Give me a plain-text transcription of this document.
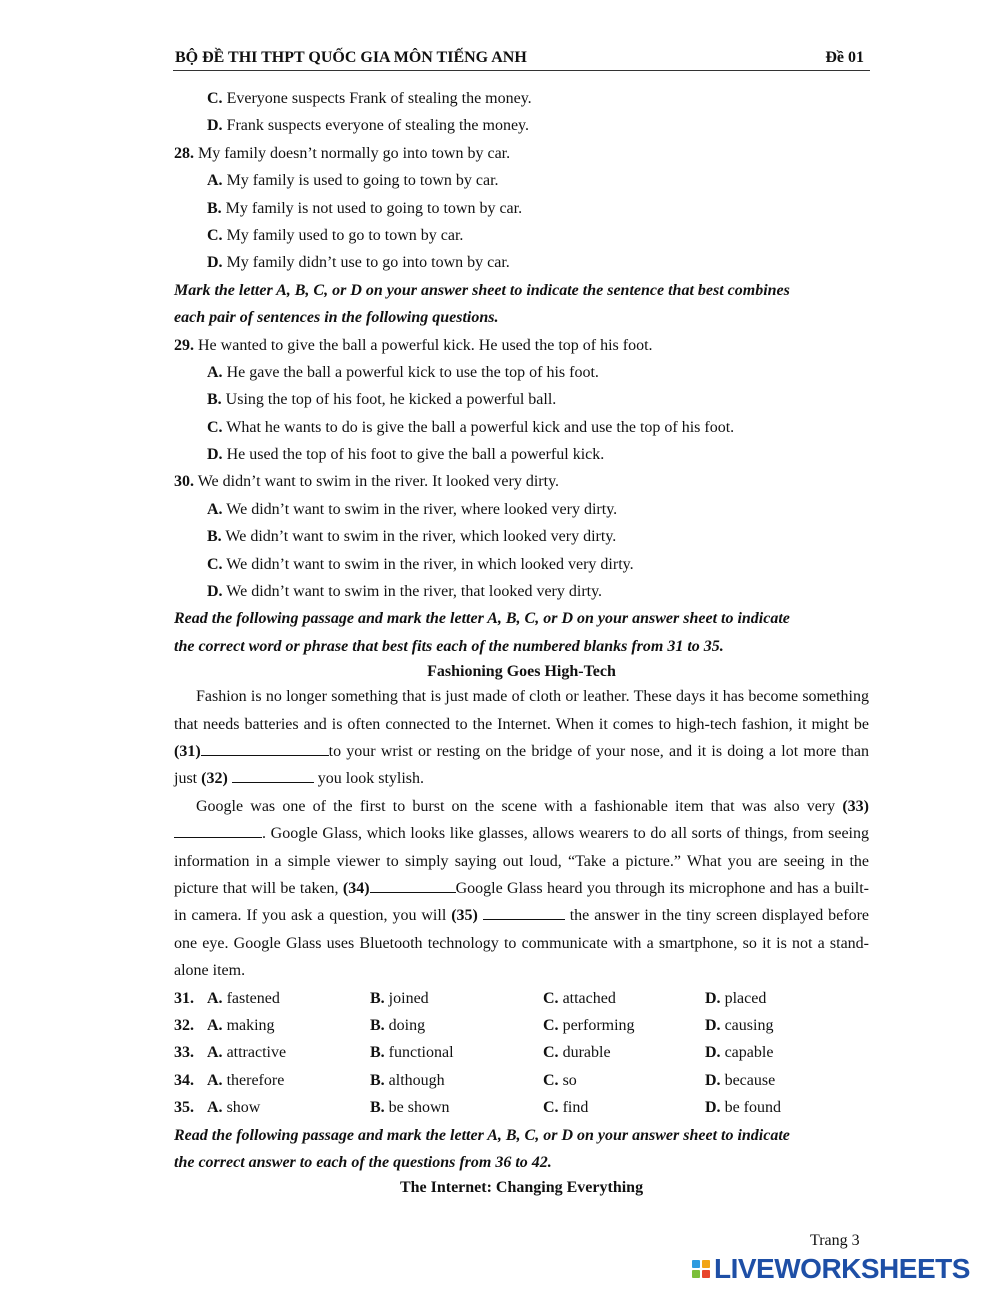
BỘ ĐỀ THI THPT QUỐC GIA MÔN TIẾNG ANH	Đề 01
C. Everyone suspects Frank of stealing the money.
D. Frank suspects everyone of stealing the money.
28. My family doesn’t normally go into town by car.
A. My family is used to going to town by car.
B. My family is not used to going to town by car.
C. My family used to go to town by car.
D. My family didn’t use to go into town by car.
Mark the letter A, B, C, or D on your answer sheet to indicate the sentence that best combines
each pair of sentences in the following questions.
29. He wanted to give the ball a powerful kick. He used the top of his foot.
A. He gave the ball a powerful kick to use the top of his foot.
B. Using the top of his foot, he kicked a powerful ball.
C. What he wants to do is give the ball a powerful kick and use the top of his foot.
D. He used the top of his foot to give the ball a powerful kick.
30. We didn’t want to swim in the river. It looked very dirty.
A. We didn’t want to swim in the river, where looked very dirty.
B. We didn’t want to swim in the river, which looked very dirty.
C. We didn’t want to swim in the river, in which looked very dirty.
D. We didn’t want to swim in the river, that looked very dirty.
Read the following passage and mark the letter A, B, C, or D on your answer sheet to indicate
the correct word or phrase that best fits each of the numbered blanks from 31 to 35.
Fashioning Goes High-Tech

Fashion is no longer something that is just made of cloth or leather. These days it has become something that needs batteries and is often connected to the Internet. When it comes to high-tech fashion, it might be (31)	to your wrist or resting on the bridge of your nose, and it is doing a lot more than just (32)	you look stylish.

Google was one of the first to burst on the scene with a fashionable item that was also very (33). Google Glass, which looks like glasses, allows wearers to do all sorts of things, from seeing information in a simple viewer to simply saying out loud, “Take a picture.” What you are seeing in the picture that will be taken, (34)	Google Glass heard you through its microphone and has a built-in camera. If you ask a question, you will (35)	the answer in the tiny screen displayed before one eye. Google Glass uses Bluetooth technology to communicate with a smartphone, so it is not a stand-alone item.

31. A. fastened	B. joined	C. attached	D. placed
32. A. making	B. doing	C. performing	D. causing
33. A. attractive	B. functional	C. durable	D. capable
34. A. therefore	B. although	C. so	D. because
35. A. show	B. be shown	C. find	D. be found
Read the following passage and mark the letter A, B, C, or D on your answer sheet to indicate
the correct answer to each of the questions from 36 to 42.
The Internet: Changing Everything
Trang 3
LIVEWORKSHEETS
